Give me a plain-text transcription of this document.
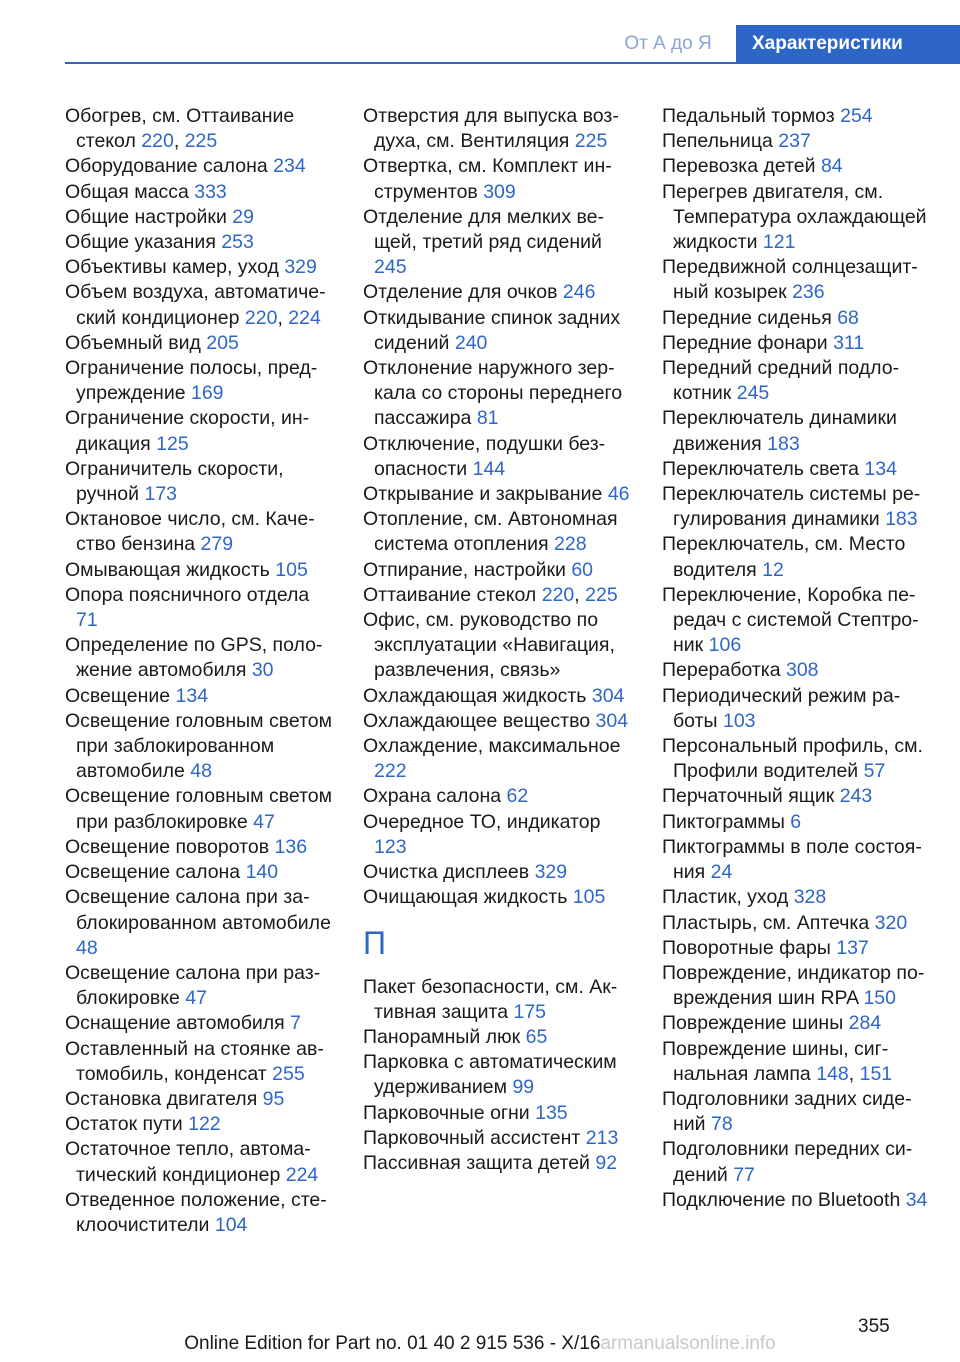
От А до Я	Характеристики

Обогрев, см. Оттаивание стекол 220, 225

Оборудование салона 234

Общая масса 333

Общие настройки 29

Общие указания 253

Объективы камер, уход 329

Объем воздуха, автоматический кондиционер 220, 224

Объемный вид 205

Ограничение полосы, предупреждение 169

Ограничение скорости, индикация 125

Ограничитель скорости, ручной 173

Октановое число, см. Качество бензина 279

Омывающая жидкость 105

Опора поясничного отдела 71

Определение по GPS, положение автомобиля 30

Освещение 134

Освещение головным светом при заблокированном автомобиле 48

Освещение головным светом при разблокировке 47

Освещение поворотов 136

Освещение салона 140

Освещение салона при заблокированном автомобиле 48

Освещение салона при разблокировке 47

Оснащение автомобиля 7

Оставленный на стоянке автомобиль, конденсат 255

Остановка двигателя 95

Остаток пути 122

Остаточное тепло, автоматический кондиционер 224

Отведенное положение, стеклоочистители 104

Отверстия для выпуска воздуха, см. Вентиляция 225

Отвертка, см. Комплект инструментов 309

Отделение для мелких вещей, третий ряд сидений 245

Отделение для очков 246

Откидывание спинок задних сидений 240

Отклонение наружного зеркала со стороны переднего пассажира 81

Отключение, подушки безопасности 144

Открывание и закрывание 46

Отопление, см. Автономная система отопления 228

Отпирание, настройки 60

Оттаивание стекол 220, 225

Офис, см. руководство по эксплуатации «Навигация, развлечения, связь»

Охлаждающая жидкость 304

Охлаждающее вещество 304

Охлаждение, максимальное 222

Охрана салона 62

Очередное ТО, индикатор 123

Очистка дисплеев 329

Очищающая жидкость 105

П

Пакет безопасности, см. Активная защита 175

Панорамный люк 65

Парковка с автоматическим удерживанием 99

Парковочные огни 135

Парковочный ассистент 213

Пассивная защита детей 92

Педальный тормоз 254

Пепельница 237

Перевозка детей 84

Перегрев двигателя, см. Температура охлаждающей жидкости 121

Передвижной солнцезащитный козырек 236

Передние сиденья 68

Передние фонари 311

Передний средний подлокотник 245

Переключатель динамики движения 183

Переключатель света 134

Переключатель системы регулирования динамики 183

Переключатель, см. Место водителя 12

Переключение, Коробка передач с системой Стептроник 106

Переработка 308

Периодический режим работы 103

Персональный профиль, см. Профили водителей 57

Перчаточный ящик 243

Пиктограммы 6

Пиктограммы в поле состояния 24

Пластик, уход 328

Пластырь, см. Аптечка 320

Поворотные фары 137

Повреждение, индикатор повреждения шин RPA 150

Повреждение шины 284

Повреждение шины, сигнальная лампа 148, 151

Подголовники задних сидений 78

Подголовники передних сидений 77

Подключение по Bluetooth 34

355
Online Edition for Part no. 01 40 2 915 536 - X/16armanualsonline.info
